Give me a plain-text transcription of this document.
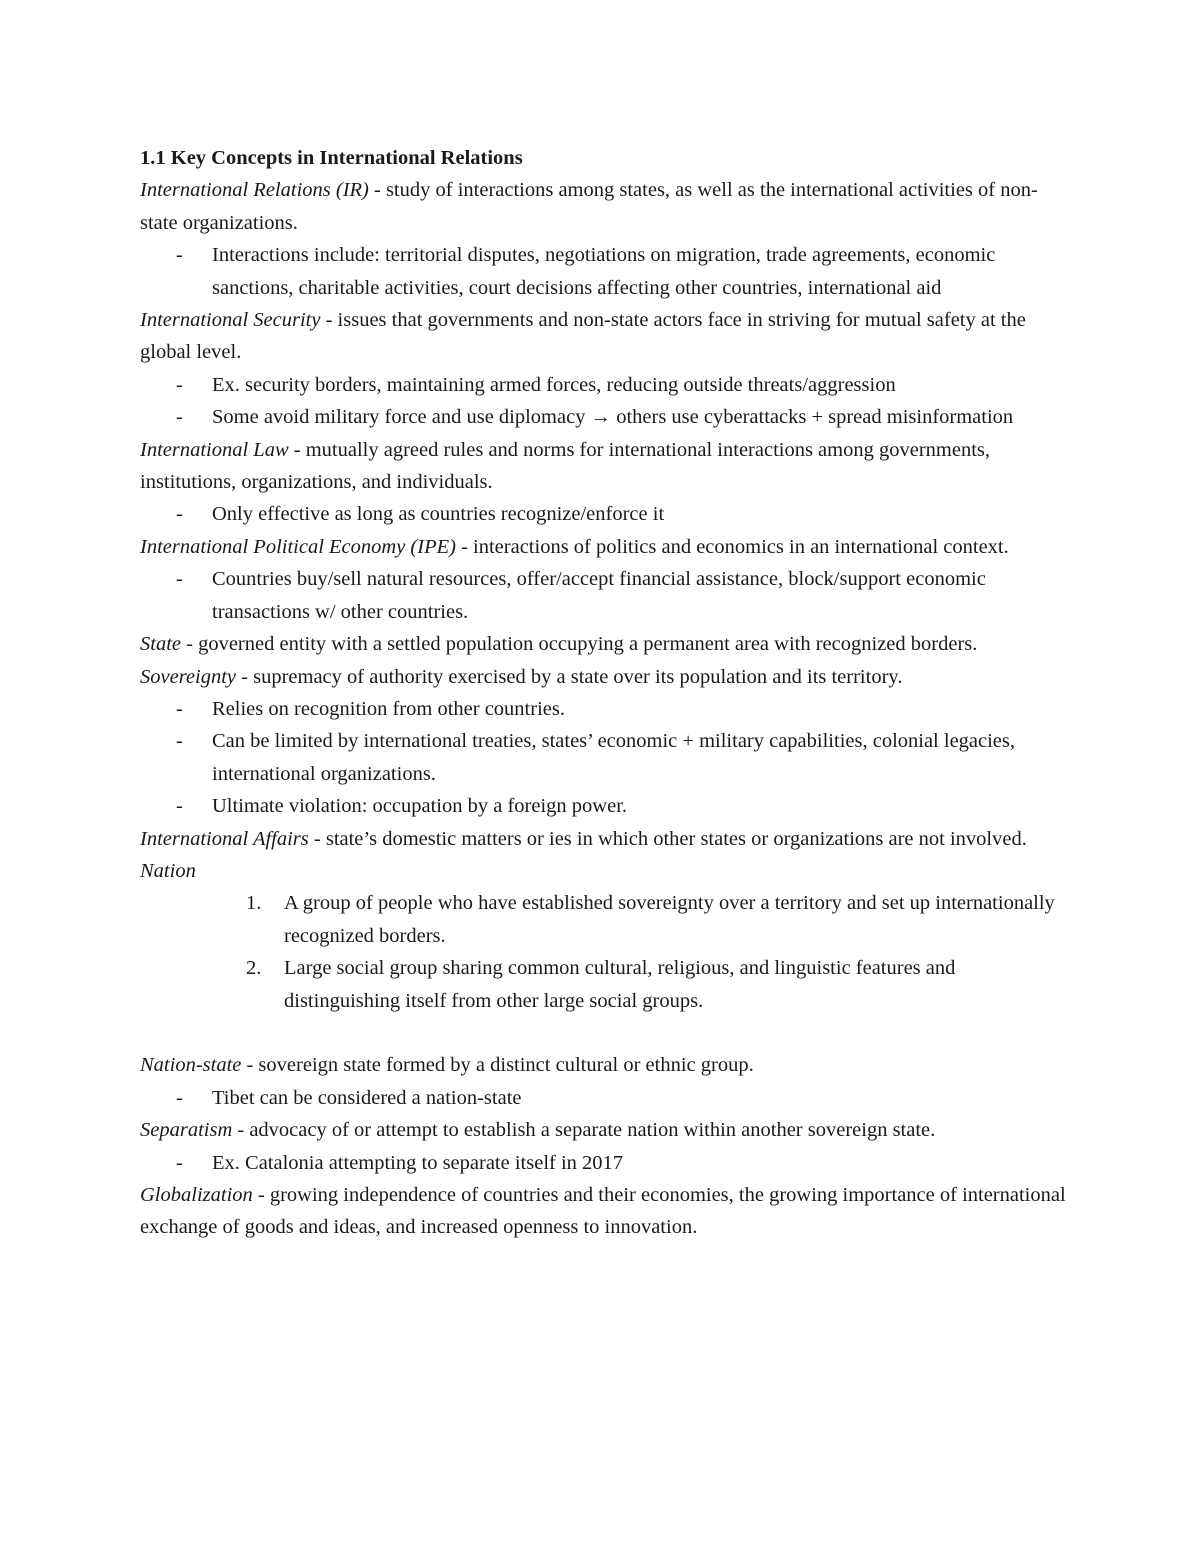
1.1 Key Concepts in International Relations

International Relations (IR) - study of interactions among states, as well as the international activities of non-state organizations.

- Interactions include: territorial disputes, negotiations on migration, trade agreements, economic sanctions, charitable activities, court decisions affecting other countries, international aid

International Security - issues that governments and non-state actors face in striving for mutual safety at the global level.

- Ex. security borders, maintaining armed forces, reducing outside threats/aggression
- Some avoid military force and use diplomacy → others use cyberattacks + spread misinformation

International Law - mutually agreed rules and norms for international interactions among governments, institutions, organizations, and individuals.

- Only effective as long as countries recognize/enforce it

International Political Economy (IPE) - interactions of politics and economics in an international context.

- Countries buy/sell natural resources, offer/accept financial assistance, block/support economic transactions w/ other countries.

State - governed entity with a settled population occupying a permanent area with recognized borders.

Sovereignty - supremacy of authority exercised by a state over its population and its territory.

- Relies on recognition from other countries.
- Can be limited by international treaties, states’ economic + military capabilities, colonial legacies, international organizations.
- Ultimate violation: occupation by a foreign power.

International Affairs - state’s domestic matters or ies in which other states or organizations are not involved.

Nation

1. A group of people who have established sovereignty over a territory and set up internationally recognized borders.
2. Large social group sharing common cultural, religious, and linguistic features and distinguishing itself from other large social groups.

Nation-state - sovereign state formed by a distinct cultural or ethnic group.

- Tibet can be considered a nation-state

Separatism - advocacy of or attempt to establish a separate nation within another sovereign state.

- Ex. Catalonia attempting to separate itself in 2017

Globalization - growing independence of countries and their economies, the growing importance of international exchange of goods and ideas, and increased openness to innovation.
